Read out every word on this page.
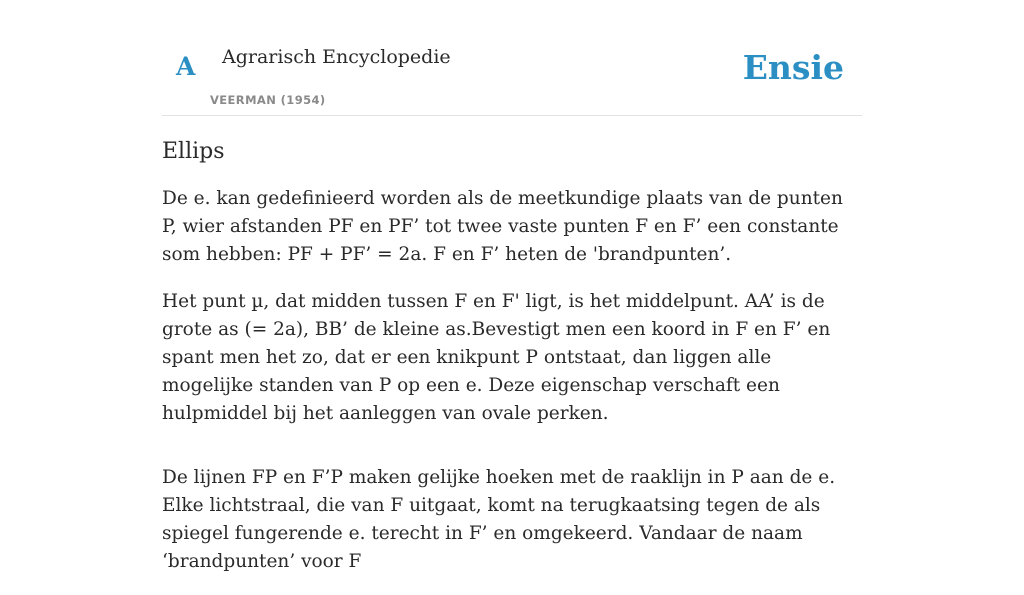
A Agrarisch Encyclopedie
VEERMAN (1954)
Ensie
Ellips

De e. kan gedefinieerd worden als de meetkundige plaats van de punten P, wier afstanden PF en PF’ tot twee vaste punten F en F’ een constante som hebben: PF + PF’ = 2a. F en F’ heten de 'brandpunten’.

Het punt µ, dat midden tussen F en F' ligt, is het middelpunt. AA’ is de grote as (= 2a), BB’ de kleine as.Bevestigt men een koord in F en F’ en spant men het zo, dat er een knikpunt P ontstaat, dan liggen alle mogelijke standen van P op een e. Deze eigenschap verschaft een hulpmiddel bij het aanleggen van ovale perken.

De lijnen FP en F’P maken gelijke hoeken met de raaklijn in P aan de e. Elke lichtstraal, die van F uitgaat, komt na terugkaatsing tegen de als spiegel fungerende e. terecht in F’ en omgekeerd. Vandaar de naam ‘brandpunten’ voor F
